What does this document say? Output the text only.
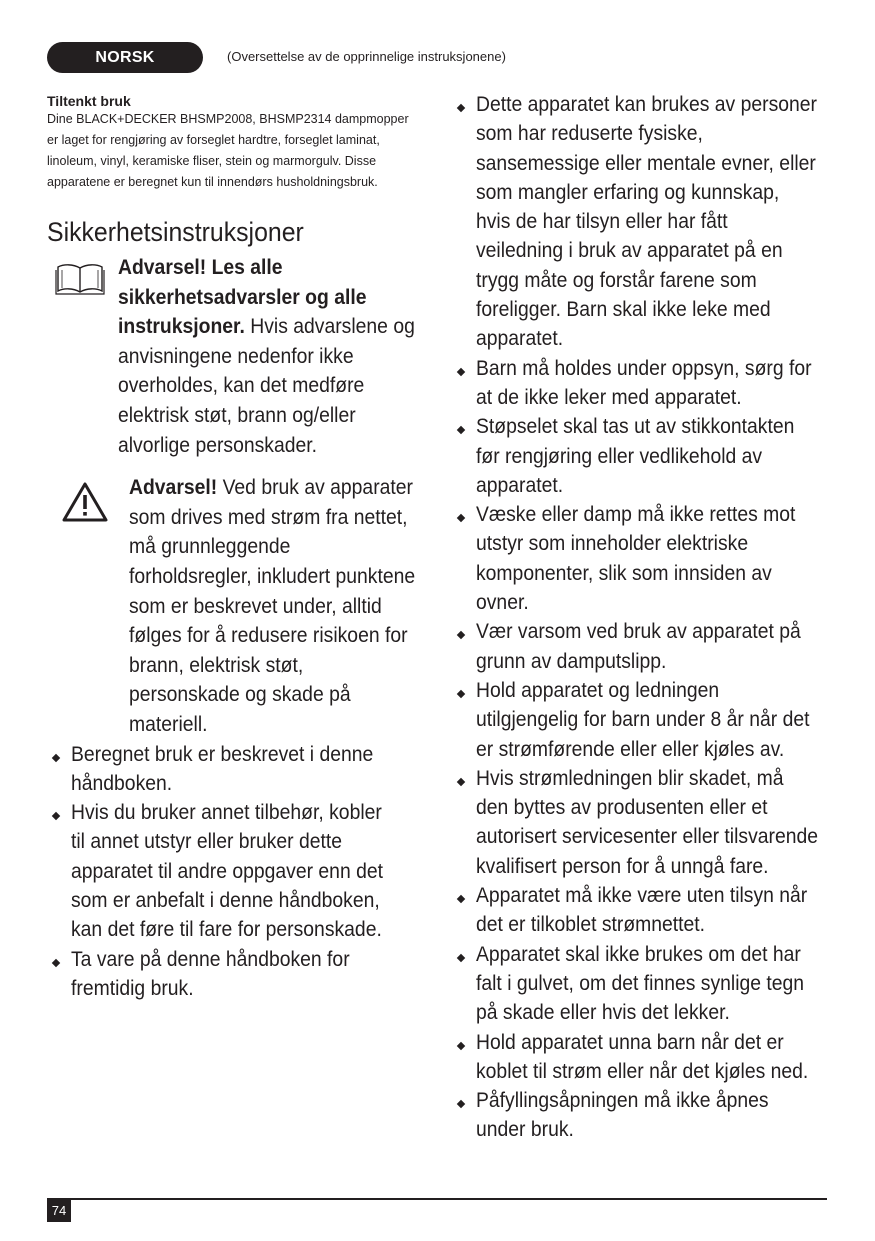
NORSK	(Oversettelse av de opprinnelige instruksjonene)
Tiltenkt bruk
Dine BLACK+DECKER BHSMP2008, BHSMP2314 dampmopper er laget for rengjøring av forseglet hardtre, forseglet laminat, linoleum, vinyl, keramiske fliser, stein og marmorgulv. Disse apparatene er beregnet kun til innendørs husholdningsbruk.
Sikkerhetsinstruksjoner
Advarsel! Les alle sikkerhetsadvarsler og alle instruksjoner. Hvis advarslene og anvisningene nedenfor ikke overholdes, kan det medføre elektrisk støt, brann og/eller alvorlige personskader.
Advarsel! Ved bruk av apparater som drives med strøm fra nettet, må grunnleggende forholdsregler, inkludert punktene som er beskrevet under, alltid følges for å redusere risikoen for brann, elektrisk støt, personskade og skade på materiell.
Beregnet bruk er beskrevet i denne håndboken.
Hvis du bruker annet tilbehør, kobler til annet utstyr eller bruker dette apparatet til andre oppgaver enn det som er anbefalt i denne håndboken, kan det føre til fare for personskade.
Ta vare på denne håndboken for fremtidig bruk.
Dette apparatet kan brukes av personer som har reduserte fysiske, sansemessige eller mentale evner, eller som mangler erfaring og kunnskap, hvis de har tilsyn eller har fått veiledning i bruk av apparatet på en trygg måte og forstår farene som foreligger. Barn skal ikke leke med apparatet.
Barn må holdes under oppsyn, sørg for at de ikke leker med apparatet.
Støpselet skal tas ut av stikkontakten før rengjøring eller vedlikehold av apparatet.
Væske eller damp må ikke rettes mot utstyr som inneholder elektriske komponenter, slik som innsiden av ovner.
Vær varsom ved bruk av apparatet på grunn av damputslipp.
Hold apparatet og ledningen utilgjengelig for barn under 8 år når det er strømførende eller eller kjøles av.
Hvis strømledningen blir skadet, må den byttes av produsenten eller et autorisert servicesenter eller tilsvarende kvalifisert person for å unngå fare.
Apparatet må ikke være uten tilsyn når det er tilkoblet strømnettet.
Apparatet skal ikke brukes om det har falt i gulvet, om det finnes synlige tegn på skade eller hvis det lekker.
Hold apparatet unna barn når det er koblet til strøm eller når det kjøles ned.
Påfyllingsåpningen må ikke åpnes under bruk.
74
